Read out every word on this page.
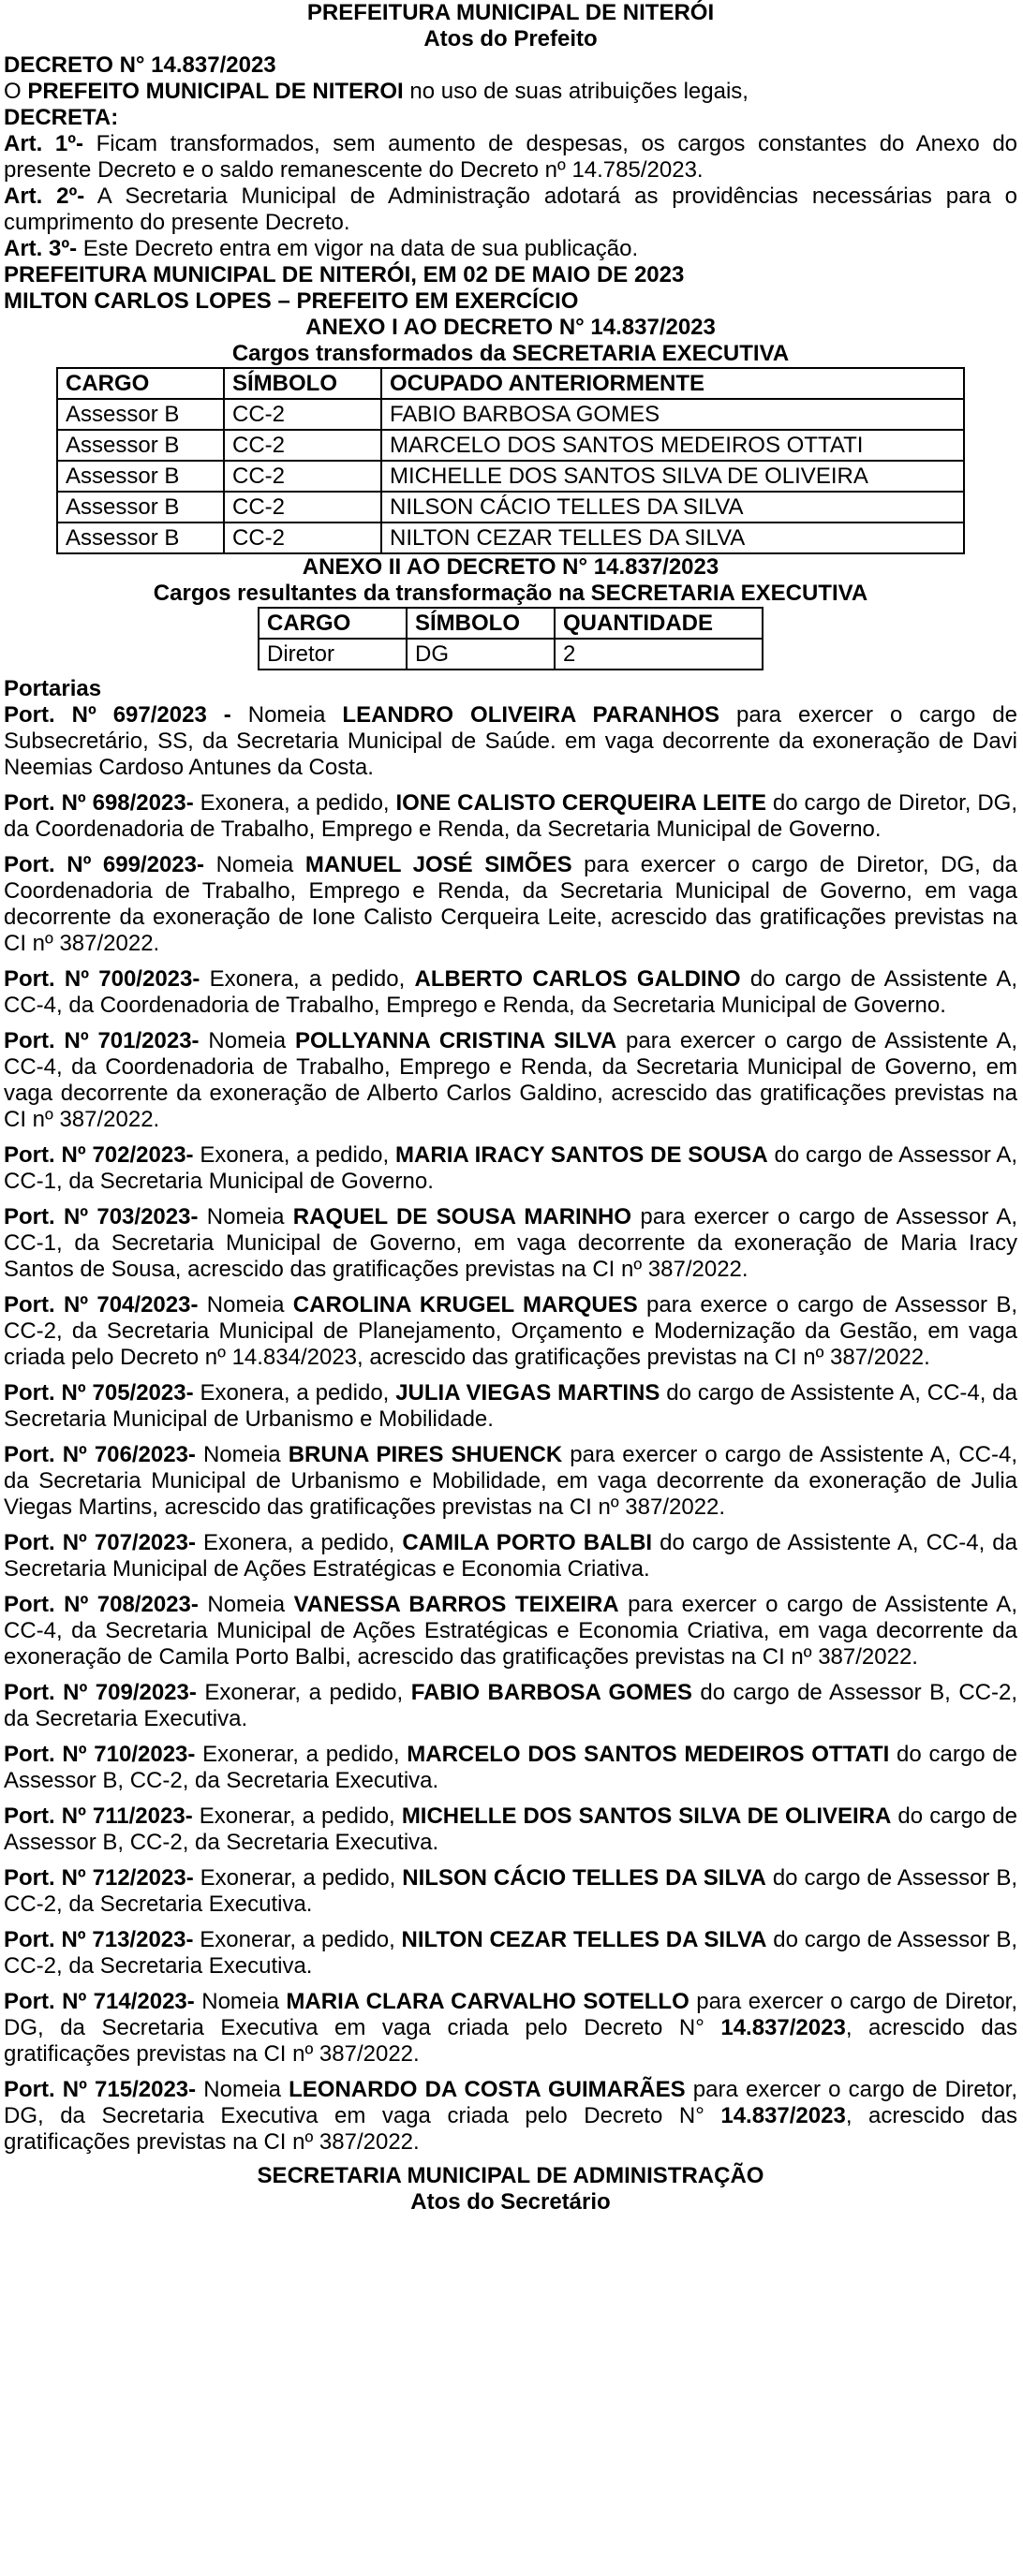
PREFEITURA MUNICIPAL DE NITERÓI
Atos do Prefeito
DECRETO N° 14.837/2023
O PREFEITO MUNICIPAL DE NITEROI no uso de suas atribuições legais,
DECRETA:

Art. 1º- Ficam transformados, sem aumento de despesas, os cargos constantes do Anexo do presente Decreto e o saldo remanescente do Decreto nº 14.785/2023.

Art. 2º- A Secretaria Municipal de Administração adotará as providências necessárias para o cumprimento do presente Decreto.

Art. 3º- Este Decreto entra em vigor na data de sua publicação.

PREFEITURA MUNICIPAL DE NITERÓI, EM 02 DE MAIO DE 2023
MILTON CARLOS LOPES – PREFEITO EM EXERCÍCIO
ANEXO I AO DECRETO N° 14.837/2023
Cargos transformados da SECRETARIA EXECUTIVA
CARGO	SÍMBOLO	OCUPADO ANTERIORMENTE
Assessor B	CC-2	FABIO BARBOSA GOMES
Assessor B	CC-2	MARCELO DOS SANTOS MEDEIROS OTTATI
Assessor B	CC-2	MICHELLE DOS SANTOS SILVA DE OLIVEIRA
Assessor B	CC-2	NILSON CÁCIO TELLES DA SILVA
Assessor B	CC-2	NILTON CEZAR TELLES DA SILVA
ANEXO II AO DECRETO N° 14.837/2023
Cargos resultantes da transformação na SECRETARIA EXECUTIVA
CARGO	SÍMBOLO	QUANTIDADE
Diretor	DG	2
Portarias

Port. Nº 697/2023 - Nomeia LEANDRO OLIVEIRA PARANHOS para exercer o cargo de Subsecretário, SS, da Secretaria Municipal de Saúde. em vaga decorrente da exoneração de Davi Neemias Cardoso Antunes da Costa.

Port. Nº 698/2023- Exonera, a pedido, IONE CALISTO CERQUEIRA LEITE do cargo de Diretor, DG, da Coordenadoria de Trabalho, Emprego e Renda, da Secretaria Municipal de Governo.

Port. Nº 699/2023- Nomeia MANUEL JOSÉ SIMÕES para exercer o cargo de Diretor, DG, da Coordenadoria de Trabalho, Emprego e Renda, da Secretaria Municipal de Governo, em vaga decorrente da exoneração de Ione Calisto Cerqueira Leite, acrescido das gratificações previstas na CI nº 387/2022.

Port. Nº 700/2023- Exonera, a pedido, ALBERTO CARLOS GALDINO do cargo de Assistente A, CC-4, da Coordenadoria de Trabalho, Emprego e Renda, da Secretaria Municipal de Governo.

Port. Nº 701/2023- Nomeia POLLYANNA CRISTINA SILVA para exercer o cargo de Assistente A, CC-4, da Coordenadoria de Trabalho, Emprego e Renda, da Secretaria Municipal de Governo, em vaga decorrente da exoneração de Alberto Carlos Galdino, acrescido das gratificações previstas na CI nº 387/2022.

Port. Nº 702/2023- Exonera, a pedido, MARIA IRACY SANTOS DE SOUSA do cargo de Assessor A, CC-1, da Secretaria Municipal de Governo.

Port. Nº 703/2023- Nomeia RAQUEL DE SOUSA MARINHO para exercer o cargo de Assessor A, CC-1, da Secretaria Municipal de Governo, em vaga decorrente da exoneração de Maria Iracy Santos de Sousa, acrescido das gratificações previstas na CI nº 387/2022.

Port. Nº 704/2023- Nomeia CAROLINA KRUGEL MARQUES para exerce o cargo de Assessor B, CC-2, da Secretaria Municipal de Planejamento, Orçamento e Modernização da Gestão, em vaga criada pelo Decreto nº 14.834/2023, acrescido das gratificações previstas na CI nº 387/2022.

Port. Nº 705/2023- Exonera, a pedido, JULIA VIEGAS MARTINS do cargo de Assistente A, CC-4, da Secretaria Municipal de Urbanismo e Mobilidade.

Port. Nº 706/2023- Nomeia BRUNA PIRES SHUENCK para exercer o cargo de Assistente A, CC-4, da Secretaria Municipal de Urbanismo e Mobilidade, em vaga decorrente da exoneração de Julia Viegas Martins, acrescido das gratificações previstas na CI nº 387/2022.

Port. Nº 707/2023- Exonera, a pedido, CAMILA PORTO BALBI do cargo de Assistente A, CC-4, da Secretaria Municipal de Ações Estratégicas e Economia Criativa.

Port. Nº 708/2023- Nomeia VANESSA BARROS TEIXEIRA para exercer o cargo de Assistente A, CC-4, da Secretaria Municipal de Ações Estratégicas e Economia Criativa, em vaga decorrente da exoneração de Camila Porto Balbi, acrescido das gratificações previstas na CI nº 387/2022.

Port. Nº 709/2023- Exonerar, a pedido, FABIO BARBOSA GOMES do cargo de Assessor B, CC-2, da Secretaria Executiva.

Port. Nº 710/2023- Exonerar, a pedido, MARCELO DOS SANTOS MEDEIROS OTTATI do cargo de Assessor B, CC-2, da Secretaria Executiva.

Port. Nº 711/2023- Exonerar, a pedido, MICHELLE DOS SANTOS SILVA DE OLIVEIRA do cargo de Assessor B, CC-2, da Secretaria Executiva.

Port. Nº 712/2023- Exonerar, a pedido, NILSON CÁCIO TELLES DA SILVA do cargo de Assessor B, CC-2, da Secretaria Executiva.

Port. Nº 713/2023- Exonerar, a pedido, NILTON CEZAR TELLES DA SILVA do cargo de Assessor B, CC-2, da Secretaria Executiva.

Port. Nº 714/2023- Nomeia MARIA CLARA CARVALHO SOTELLO para exercer o cargo de Diretor, DG, da Secretaria Executiva em vaga criada pelo Decreto N° 14.837/2023, acrescido das gratificações previstas na CI nº 387/2022.

Port. Nº 715/2023- Nomeia LEONARDO DA COSTA GUIMARÃES para exercer o cargo de Diretor, DG, da Secretaria Executiva em vaga criada pelo Decreto N° 14.837/2023, acrescido das gratificações previstas na CI nº 387/2022.

SECRETARIA MUNICIPAL DE ADMINISTRAÇÃO
Atos do Secretário
